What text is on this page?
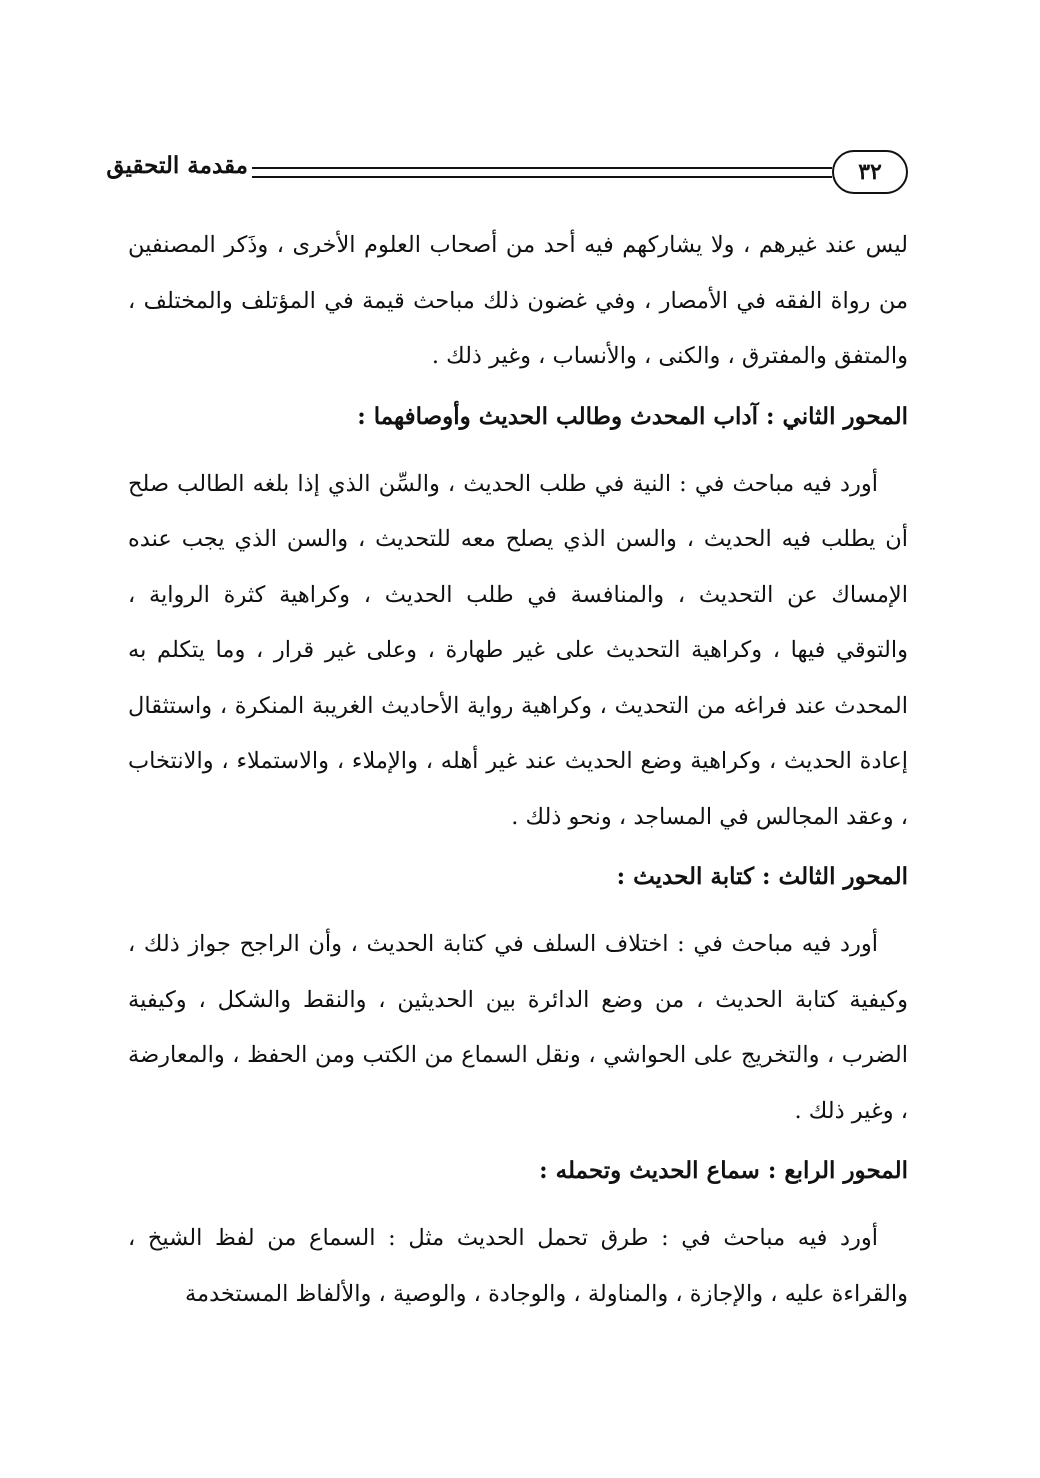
٣٢
مقدمة التحقيق

ليس عند غيرهم ، ولا يشاركهم فيه أحد من أصحاب العلوم الأخرى ، وذَكر المصنفين من رواة الفقه في الأمصار ، وفي غضون ذلك مباحث قيمة في المؤتلف والمختلف ، والمتفق والمفترق ، والكنى ، والأنساب ، وغير ذلك .

المحور الثاني : آداب المحدث وطالب الحديث وأوصافهما :

أورد فيه مباحث في : النية في طلب الحديث ، والسِّن الذي إذا بلغه الطالب صلح أن يطلب فيه الحديث ، والسن الذي يصلح معه للتحديث ، والسن الذي يجب عنده الإمساك عن التحديث ، والمنافسة في طلب الحديث ، وكراهية كثرة الرواية ، والتوقي فيها ، وكراهية التحديث على غير طهارة ، وعلى غير قرار ، وما يتكلم به المحدث عند فراغه من التحديث ، وكراهية رواية الأحاديث الغريبة المنكرة ، واستثقال إعادة الحديث ، وكراهية وضع الحديث عند غير أهله ، والإملاء ، والاستملاء ، والانتخاب ، وعقد المجالس في المساجد ، ونحو ذلك .

المحور الثالث : كتابة الحديث :

أورد فيه مباحث في : اختلاف السلف في كتابة الحديث ، وأن الراجح جواز ذلك ، وكيفية كتابة الحديث ، من وضع الدائرة بين الحديثين ، والنقط والشكل ، وكيفية الضرب ، والتخريج على الحواشي ، ونقل السماع من الكتب ومن الحفظ ، والمعارضة ، وغير ذلك .

المحور الرابع : سماع الحديث وتحمله :

أورد فيه مباحث في : طرق تحمل الحديث مثل : السماع من لفظ الشيخ ، والقراءة عليه ، والإجازة ، والمناولة ، والوجادة ، والوصية ، والألفاظ المستخدمة
